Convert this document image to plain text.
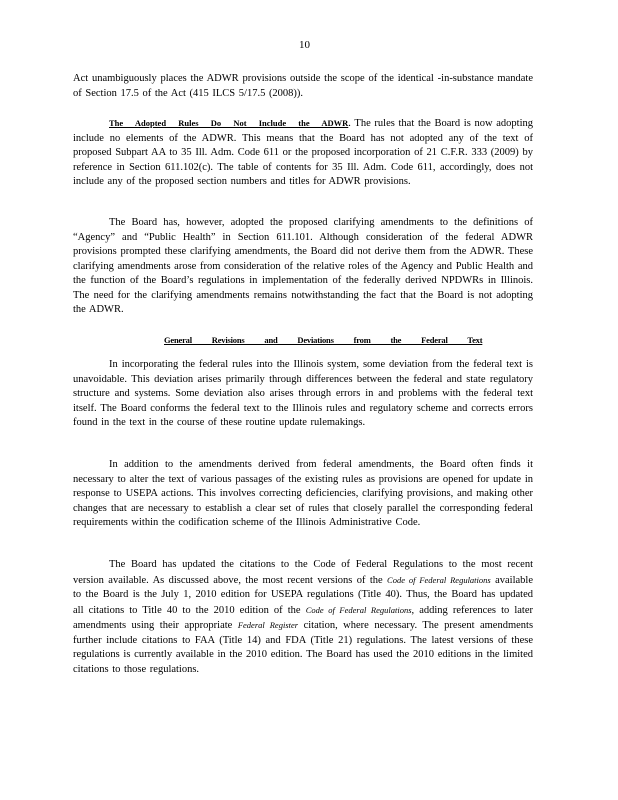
10

Act unambiguously places the ADWR provisions outside the scope of the identical -in-substance mandate of Section 17.5 of the Act (415 ILCS 5/17.5 (2008)).

The Adopted Rules Do Not Include the ADWR. The rules that the Board is now adopting include no elements of the ADWR. This means that the Board has not adopted any of the text of proposed Subpart AA to 35 Ill. Adm. Code 611 or the proposed incorporation of 21 C.F.R. 333 (2009) by reference in Section 611.102(c). The table of contents for 35 Ill. Adm. Code 611, accordingly, does not include any of the proposed section numbers and titles for ADWR provisions.

The Board has, however, adopted the proposed clarifying amendments to the definitions of “Agency” and “Public Health” in Section 611.101. Although consideration of the federal ADWR provisions prompted these clarifying amendments, the Board did not derive them from the ADWR. These clarifying amendments arose from consideration of the relative roles of the Agency and Public Health and the function of the Board’s regulations in implementation of the federally derived NPDWRs in Illinois. The need for the clarifying amendments remains notwithstanding the fact that the Board is not adopting the ADWR.

General Revisions and Deviations from the Federal Text

In incorporating the federal rules into the Illinois system, some deviation from the federal text is unavoidable. This deviation arises primarily through differences between the federal and state regulatory structure and systems. Some deviation also arises through errors in and problems with the federal text itself. The Board conforms the federal text to the Illinois rules and regulatory scheme and corrects errors found in the text in the course of these routine update rulemakings.

In addition to the amendments derived from federal amendments, the Board often finds it necessary to alter the text of various passages of the existing rules as provisions are opened for update in response to USEPA actions. This involves correcting deficiencies, clarifying provisions, and making other changes that are necessary to establish a clear set of rules that closely parallel the corresponding federal requirements within the codification scheme of the Illinois Administrative Code.

The Board has updated the citations to the Code of Federal Regulations to the most recent version available. As discussed above, the most recent versions of the Code of Federal Regulations available to the Board is the July 1, 2010 edition for USEPA regulations (Title 40). Thus, the Board has updated all citations to Title 40 to the 2010 edition of the Code of Federal Regulations, adding references to later amendments using their appropriate Federal Register citation, where necessary. The present amendments further include citations to FAA (Title 14) and FDA (Title 21) regulations. The latest versions of these regulations is currently available in the 2010 edition. The Board has used the 2010 editions in the limited citations to those regulations.
